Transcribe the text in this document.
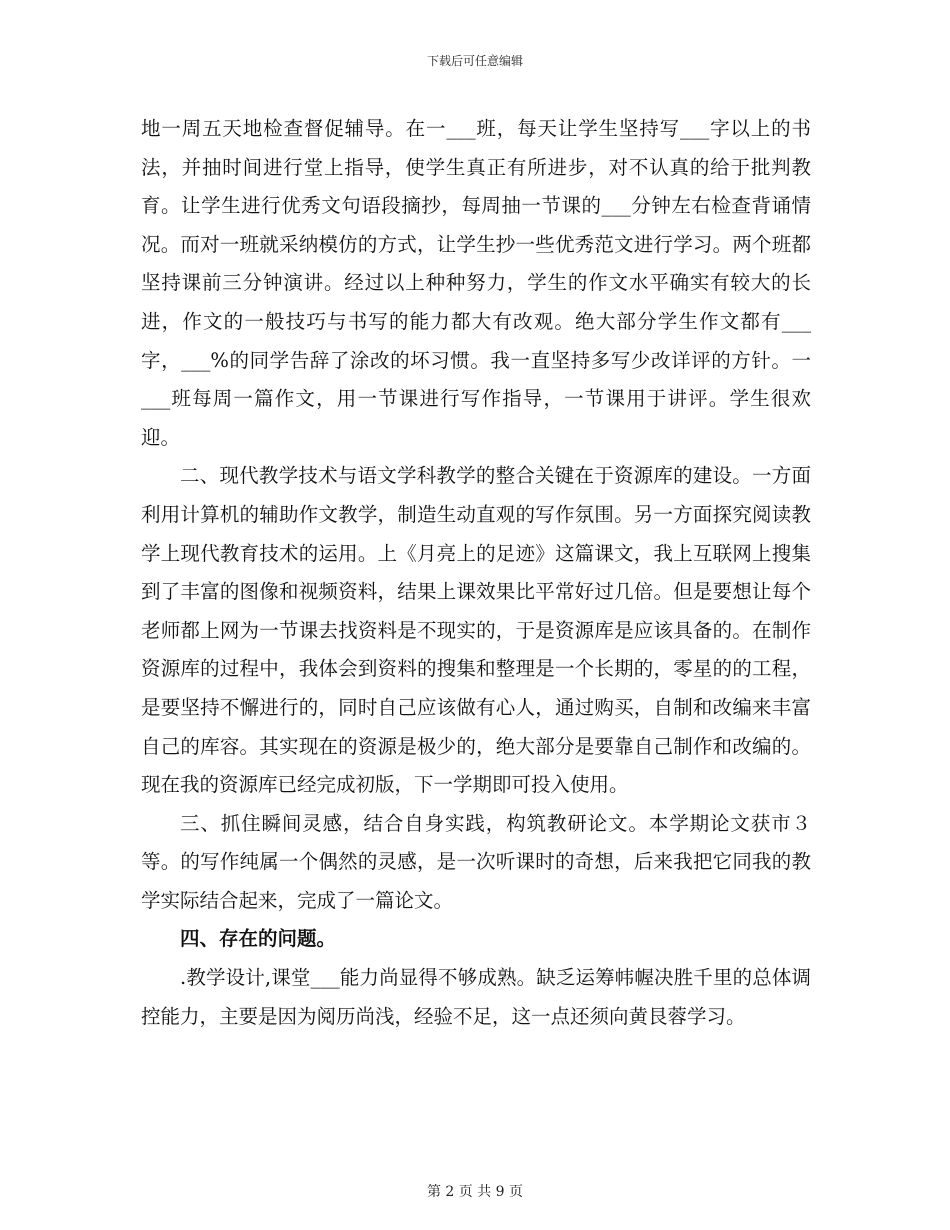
下载后可任意编辑

地一周五天地检查督促辅导。在一___班，每天让学生坚持写___字以上的书法，并抽时间进行堂上指导，使学生真正有所进步，对不认真的给于批判教育。让学生进行优秀文句语段摘抄，每周抽一节课的___分钟左右检查背诵情况。而对一班就采纳模仿的方式，让学生抄一些优秀范文进行学习。两个班都坚持课前三分钟演讲。经过以上种种努力，学生的作文水平确实有较大的长进，作文的一般技巧与书写的能力都大有改观。绝大部分学生作文都有___字，___%的同学告辞了涂改的坏习惯。我一直坚持多写少改详评的方针。一___班每周一篇作文，用一节课进行写作指导，一节课用于讲评。学生很欢迎。

二、现代教学技术与语文学科教学的整合关键在于资源库的建设。一方面利用计算机的辅助作文教学，制造生动直观的写作氛围。另一方面探究阅读教学上现代教育技术的运用。上《月亮上的足迹》这篇课文，我上互联网上搜集到了丰富的图像和视频资料，结果上课效果比平常好过几倍。但是要想让每个老师都上网为一节课去找资料是不现实的，于是资源库是应该具备的。在制作资源库的过程中，我体会到资料的搜集和整理是一个长期的，零星的的工程，是要坚持不懈进行的，同时自己应该做有心人，通过购买，自制和改编来丰富自己的库容。其实现在的资源是极少的，绝大部分是要靠自己制作和改编的。现在我的资源库已经完成初版，下一学期即可投入使用。

三、抓住瞬间灵感，结合自身实践，构筑教研论文。本学期论文获市３等。的写作纯属一个偶然的灵感，是一次听课时的奇想，后来我把它同我的教学实际结合起来，完成了一篇论文。

四、存在的问题。

.教学设计,课堂___能力尚显得不够成熟。缺乏运筹帏幄决胜千里的总体调控能力，主要是因为阅历尚浅，经验不足，这一点还须向黄艮蓉学习。

第 2 页 共 9 页
